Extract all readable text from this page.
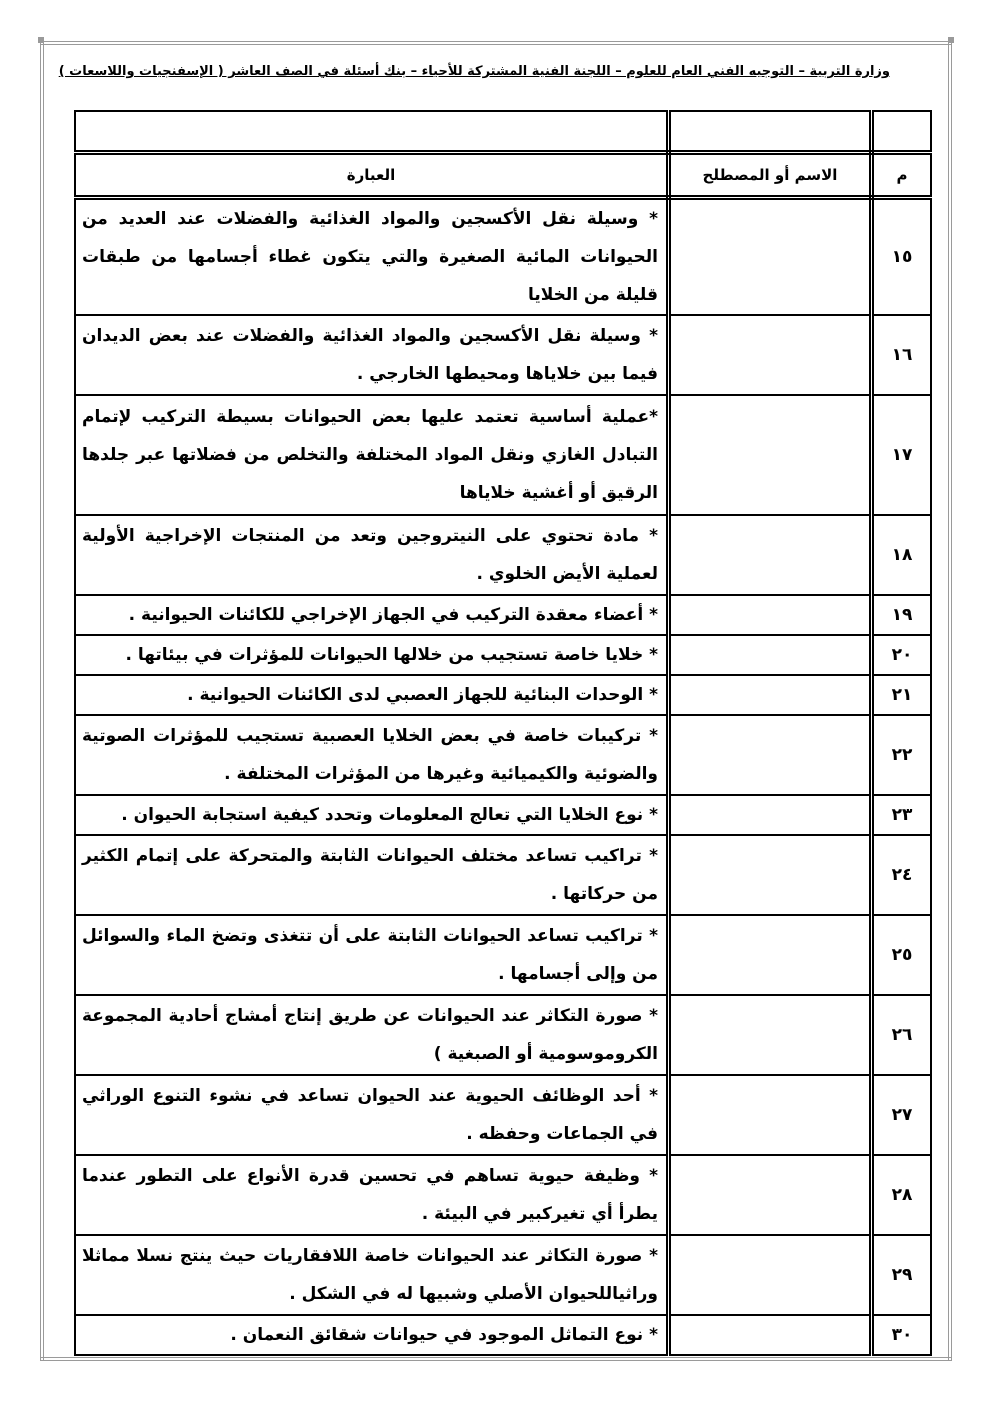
وزارة التربية – التوجيه الفني العام للعلوم – اللجنة الفنية المشتركة للأحياء – بنك أسئلة في الصف العاشر ( الإسفنجيات واللاسعات )

م	الاسم أو المصطلح	العبارة
١٥		* وسيلة نقل الأكسجين والمواد الغذائية والفضلات عند العديد من الحيوانات المائية الصغيرة والتي يتكون غطاء أجسامها من طبقات قليلة من الخلايا
١٦		* وسيلة نقل الأكسجين والمواد الغذائية والفضلات عند بعض الديدان فيما بين خلاياها ومحيطها الخارجي .
١٧		*عملية أساسية تعتمد عليها بعض الحيوانات بسيطة التركيب لإتمام التبادل الغازي ونقل المواد المختلفة والتخلص من فضلاتها عبر جلدها الرقيق أو أغشية خلاياها
١٨		* مادة تحتوي على النيتروجين وتعد من المنتجات الإخراجية الأولية لعملية الأيض الخلوي .
١٩		* أعضاء معقدة التركيب في الجهاز الإخراجي للكائنات الحيوانية .
٢٠		* خلايا خاصة تستجيب من خلالها الحيوانات للمؤثرات في بيئاتها .
٢١		* الوحدات البنائية للجهاز العصبي لدى الكائنات الحيوانية .
٢٢		* تركيبات خاصة في بعض الخلايا العصبية تستجيب للمؤثرات الصوتية والضوئية والكيميائية وغيرها من المؤثرات المختلفة .
٢٣		* نوع الخلايا التي تعالج المعلومات وتحدد كيفية استجابة الحيوان .
٢٤		* تراكيب تساعد مختلف الحيوانات الثابتة والمتحركة على إتمام الكثير من حركاتها .
٢٥		* تراكيب تساعد الحيوانات الثابتة على أن تتغذى وتضخ الماء والسوائل من وإلى أجسامها .
٢٦		* صورة التكاثر عند الحيوانات عن طريق إنتاج أمشاج أحادية المجموعة الكروموسومية أو الصبغية )
٢٧		* أحد الوظائف الحيوية عند الحيوان تساعد في نشوء التنوع الوراثي في الجماعات وحفظه .
٢٨		* وظيفة حيوية تساهم في تحسين قدرة الأنواع على التطور عندما يطرأ أي تغيركبير في البيئة .
٢٩		* صورة التكاثر عند الحيوانات خاصة اللافقاريات حيث ينتج نسلا مماثلا وراثياللحيوان الأصلي وشبيها له في الشكل .
٣٠		* نوع التماثل الموجود في حيوانات شقائق النعمان .
